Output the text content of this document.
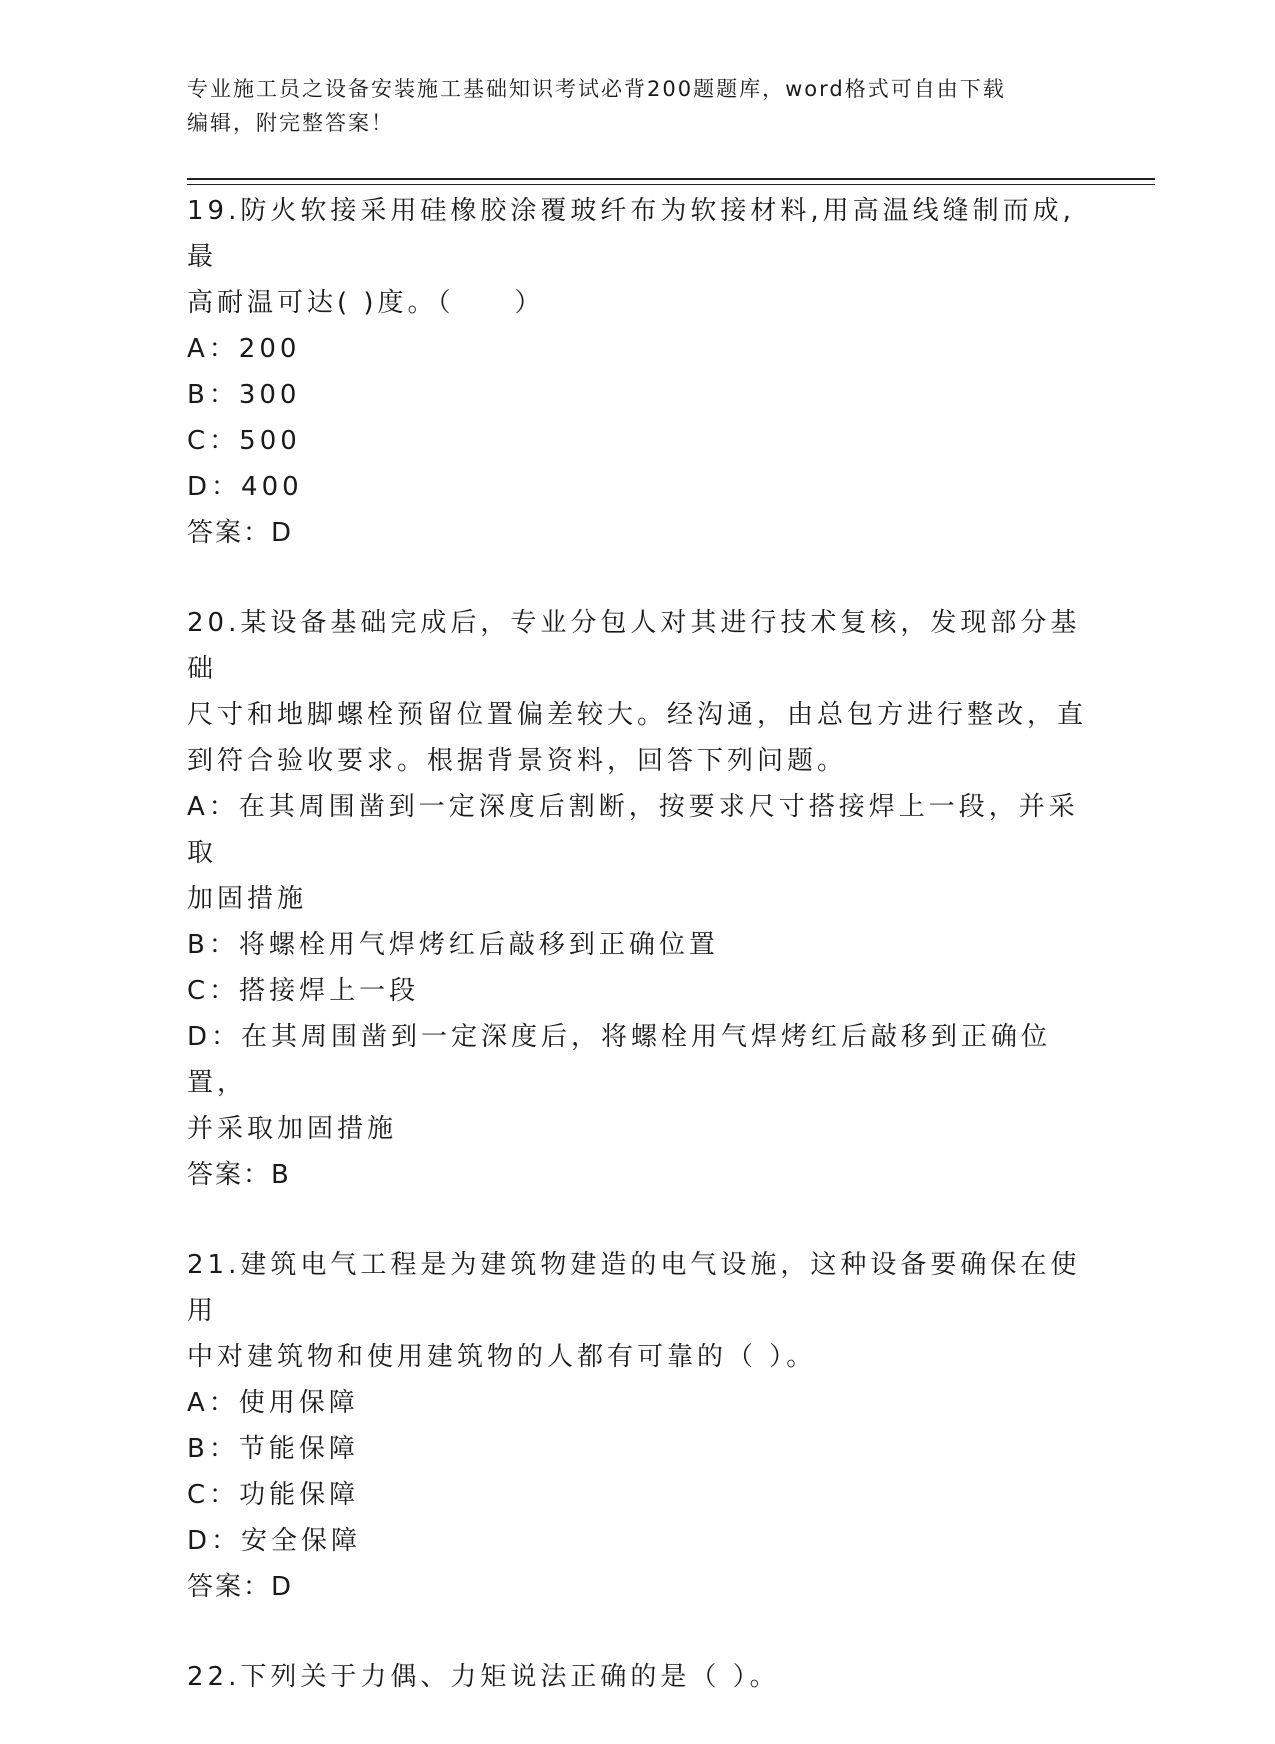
专业施工员之设备安装施工基础知识考试必背200题题库，word格式可自由下载
编辑，附完整答案！

19.防火软接采用硅橡胶涂覆玻纤布为软接材料,用高温线缝制而成,最

高耐温可达( )度。（　　）

A：200

B：300

C：500

D：400

答案：D

20.某设备基础完成后，专业分包人对其进行技术复核，发现部分基础

尺寸和地脚螺栓预留位置偏差较大。经沟通，由总包方进行整改，直

到符合验收要求。根据背景资料，回答下列问题。

A：在其周围凿到一定深度后割断，按要求尺寸搭接焊上一段，并采取

加固措施

B：将螺栓用气焊烤红后敲移到正确位置

C：搭接焊上一段

D：在其周围凿到一定深度后，将螺栓用气焊烤红后敲移到正确位置，

并采取加固措施

答案：B

21.建筑电气工程是为建筑物建造的电气设施，这种设备要确保在使用

中对建筑物和使用建筑物的人都有可靠的（ ）。

A：使用保障

B：节能保障

C：功能保障

D：安全保障

答案：D

22.下列关于力偶、力矩说法正确的是（ ）。
